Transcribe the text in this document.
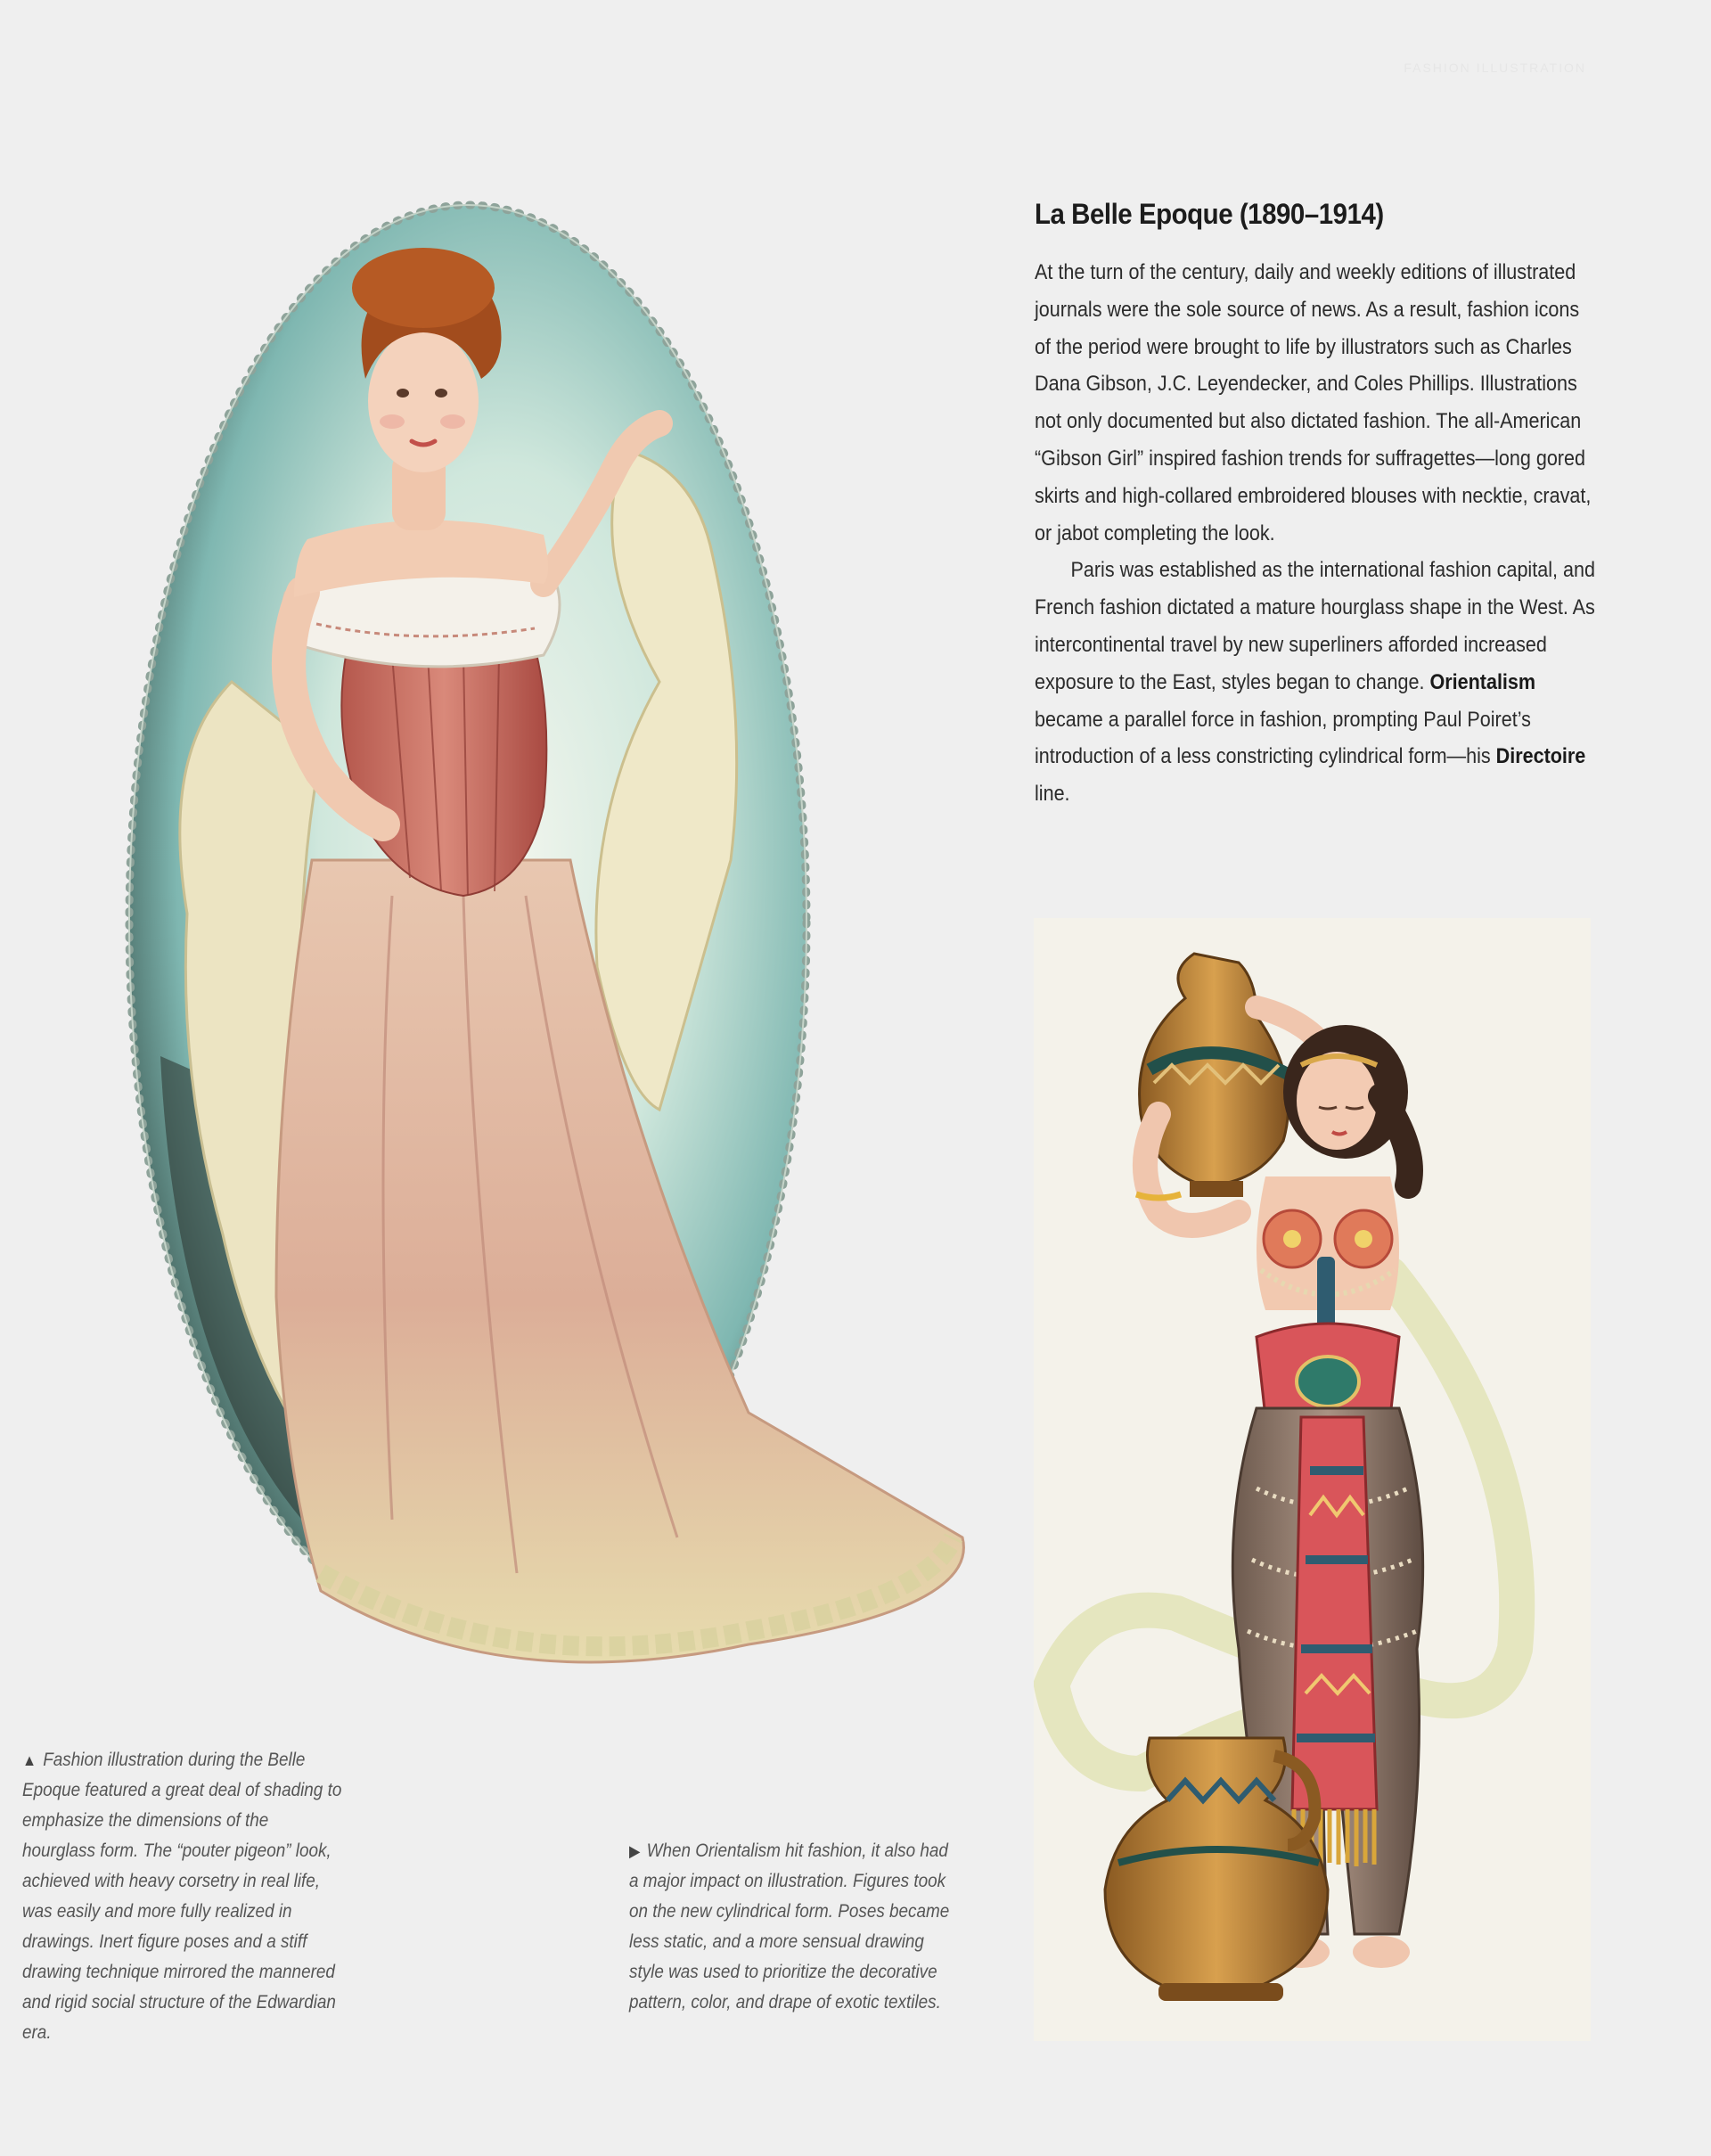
FASHION ILLUSTRATION
La Belle Epoque (1890–1914)

At the turn of the century, daily and weekly editions of illustrated journals were the sole source of news. As a result, fashion icons of the period were brought to life by illustrators such as Charles Dana Gibson, J.C. Leyendecker, and Coles Phillips. Illustrations not only documented but also dictated fashion. The all-American “Gibson Girl” inspired fashion trends for suffragettes—long gored skirts and high-collared embroidered blouses with necktie, cravat, or jabot completing the look.

Paris was established as the international fashion capital, and French fashion dictated a mature hourglass shape in the West. As intercontinental travel by new superliners afforded increased exposure to the East, styles began to change. Orientalism became a parallel force in fashion, prompting Paul Poiret’s introduction of a less constricting cylindrical form—his Directoire line.

▲ Fashion illustration during the Belle Epoque featured a great deal of shading to emphasize the dimensions of the hourglass form. The “pouter pigeon” look, achieved with heavy corsetry in real life, was easily and more fully realized in drawings. Inert figure poses and a stiff drawing technique mirrored the mannered and rigid social structure of the Edwardian era.
▶ When Orientalism hit fashion, it also had a major impact on illustration. Figures took on the new cylindrical form. Poses became less static, and a more sensual drawing style was used to prioritize the decorative pattern, color, and drape of exotic textiles.
